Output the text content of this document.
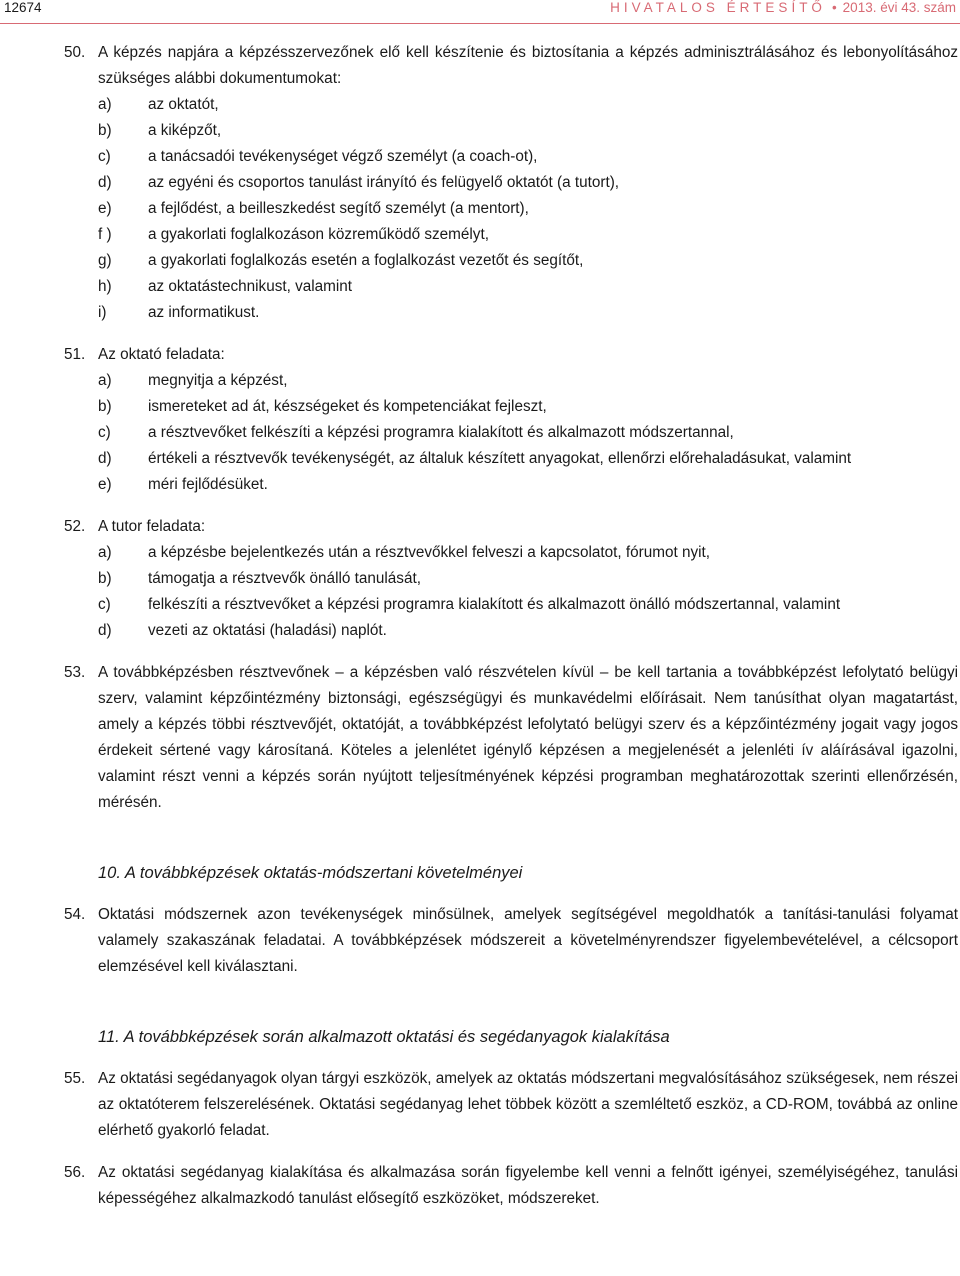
12674	HIVATALOS ÉRTESÍTŐ • 2013. évi 43. szám
50. A képzés napjára a képzésszervezőnek elő kell készítenie és biztosítania a képzés adminisztrálásához és lebonyolításához szükséges alábbi dokumentumokat:
a)	az oktatót,
b)	a kiképzőt,
c)	a tanácsadói tevékenységet végző személyt (a coach-ot),
d)	az egyéni és csoportos tanulást irányító és felügyelő oktatót (a tutort),
e)	a fejlődést, a beilleszkedést segítő személyt (a mentort),
f )	a gyakorlati foglalkozáson közreműködő személyt,
g)	a gyakorlati foglalkozás esetén a foglalkozást vezetőt és segítőt,
h)	az oktatástechnikust, valamint
i)	az informatikust.
51. Az oktató feladata:
a)	megnyitja a képzést,
b)	ismereteket ad át, készségeket és kompetenciákat fejleszt,
c)	a résztvevőket felkészíti a képzési programra kialakított és alkalmazott módszertannal,
d)	értékeli a résztvevők tevékenységét, az általuk készített anyagokat, ellenőrzi előrehaladásukat, valamint
e)	méri fejlődésüket.
52. A tutor feladata:
a)	a képzésbe bejelentkezés után a résztvevőkkel felveszi a kapcsolatot, fórumot nyit,
b)	támogatja a résztvevők önálló tanulását,
c)	felkészíti a résztvevőket a képzési programra kialakított és alkalmazott önálló módszertannal, valamint
d)	vezeti az oktatási (haladási) naplót.
53. A továbbképzésben résztvevőnek – a képzésben való részvételen kívül – be kell tartania a továbbképzést lefolytató belügyi szerv, valamint képzőintézmény biztonsági, egészségügyi és munkavédelmi előírásait. Nem tanúsíthat olyan magatartást, amely a képzés többi résztvevőjét, oktatóját, a továbbképzést lefolytató belügyi szerv és a képzőintézmény jogait vagy jogos érdekeit sértené vagy károsítaná. Köteles a jelenlétet igénylő képzésen a megjelenését a jelenléti ív aláírásával igazolni, valamint részt venni a képzés során nyújtott teljesítményének képzési programban meghatározottak szerinti ellenőrzésén, mérésén.
10. A továbbképzések oktatás-módszertani követelményei
54. Oktatási módszernek azon tevékenységek minősülnek, amelyek segítségével megoldhatók a tanítási-tanulási folyamat valamely szakaszának feladatai. A továbbképzések módszereit a követelményrendszer figyelembevételével, a célcsoport elemzésével kell kiválasztani.
11. A továbbképzések során alkalmazott oktatási és segédanyagok kialakítása
55. Az oktatási segédanyagok olyan tárgyi eszközök, amelyek az oktatás módszertani megvalósításához szükségesek, nem részei az oktatóterem felszerelésének. Oktatási segédanyag lehet többek között a szemléltető eszköz, a CD-ROM, továbbá az online elérhető gyakorló feladat.
56. Az oktatási segédanyag kialakítása és alkalmazása során figyelembe kell venni a felnőtt igényei, személyiségéhez, tanulási képességéhez alkalmazkodó tanulást elősegítő eszközöket, módszereket.
